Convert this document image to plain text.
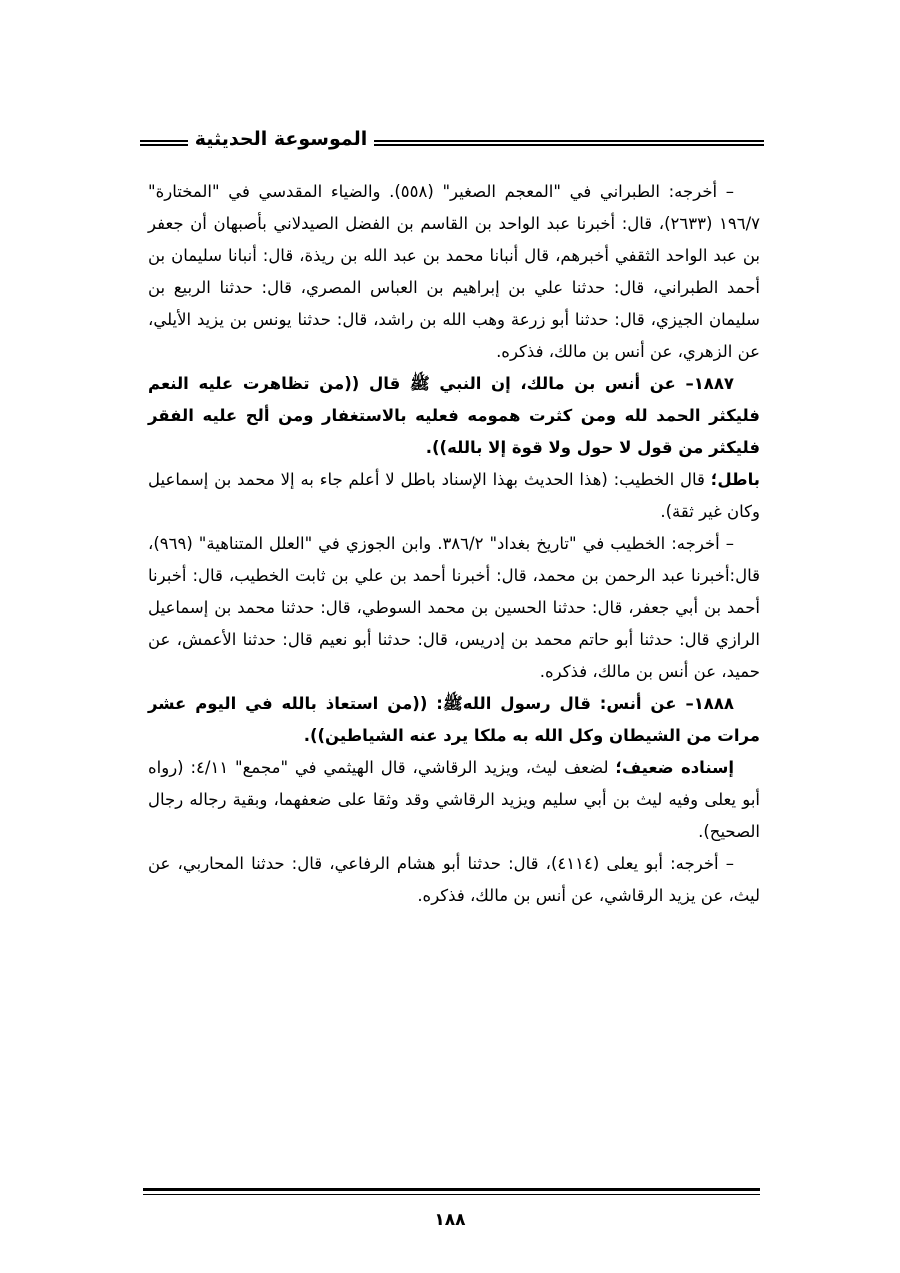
الموسوعة الحديثية

– أخرجه: الطبراني في "المعجم الصغير" (٥٥٨). والضياء المقدسي في "المختارة" ١٩٦/٧ (٢٦٣٣)، قال: أخبرنا عبد الواحد بن القاسم بن الفضل الصيدلاني بأصبهان أن جعفر بن عبد الواحد الثقفي أخبرهم، قال أنبانا محمد بن عبد الله بن ريذة، قال: أنبانا سليمان بن أحمد الطبراني، قال: حدثنا علي بن إبراهيم بن العباس المصري، قال: حدثنا الربيع بن سليمان الجيزي، قال: حدثنا أبو زرعة وهب الله بن راشد، قال: حدثنا يونس بن يزيد الأيلي، عن الزهري، عن أنس بن مالك، فذكره.

١٨٨٧– عن أنس بن مالك، إن النبي ﷺ قال ((من تظاهرت عليه النعم فليكثر الحمد لله ومن كثرت همومه فعليه بالاستغفار ومن ألح عليه الفقر فليكثر من قول لا حول ولا قوة إلا بالله)).

باطل؛ قال الخطيب: (هذا الحديث بهذا الإسناد باطل لا أعلم جاء به إلا محمد بن إسماعيل وكان غير ثقة).

– أخرجه: الخطيب في "تاريخ بغداد" ٣٨٦/٢. وابن الجوزي في "العلل المتناهية" (٩٦٩)، قال:أخبرنا عبد الرحمن بن محمد، قال: أخبرنا أحمد بن علي بن ثابت الخطيب، قال: أخبرنا أحمد بن أبي جعفر، قال: حدثنا الحسين بن محمد السوطي، قال: حدثنا محمد بن إسماعيل الرازي قال: حدثنا أبو حاتم محمد بن إدريس، قال: حدثنا أبو نعيم قال: حدثنا الأعمش، عن حميد، عن أنس بن مالك، فذكره.

١٨٨٨– عن أنس: قال رسول اللهﷺ: ((من استعاذ بالله في اليوم عشر مرات من الشيطان وكل الله به ملكا يرد عنه الشياطين)).

إسناده ضعيف؛ لضعف ليث، ويزيد الرقاشي، قال الهيثمي في "مجمع" ٤/١١: (رواه أبو يعلى وفيه ليث بن أبي سليم ويزيد الرقاشي وقد وثقا على ضعفهما، وبقية رجاله رجال الصحيح).

– أخرجه: أبو يعلى (٤١١٤)، قال: حدثنا أبو هشام الرفاعي، قال: حدثنا المحاربي، عن ليث، عن يزيد الرقاشي، عن أنس بن مالك، فذكره.

١٨٨
